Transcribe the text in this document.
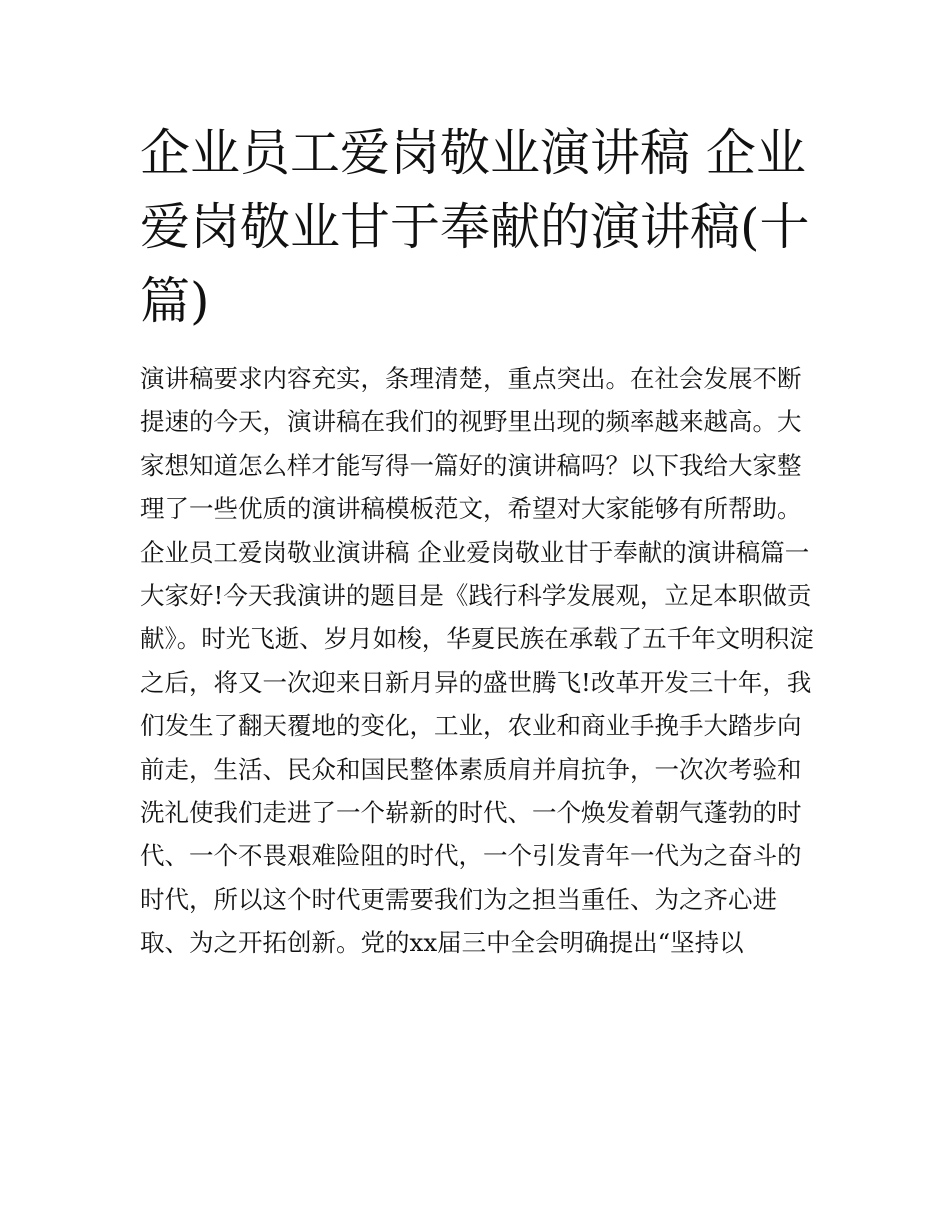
企业员工爱岗敬业演讲稿 企业爱岗敬业甘于奉献的演讲稿(十篇)

演讲稿要求内容充实，条理清楚，重点突出。在社会发展不断提速的今天，演讲稿在我们的视野里出现的频率越来越高。大家想知道怎么样才能写得一篇好的演讲稿吗？以下我给大家整理了一些优质的演讲稿模板范文，希望对大家能够有所帮助。

企业员工爱岗敬业演讲稿 企业爱岗敬业甘于奉献的演讲稿篇一

大家好!今天我演讲的题目是《践行科学发展观，立足本职做贡献》。时光飞逝、岁月如梭，华夏民族在承载了五千年文明积淀之后，将又一次迎来日新月异的盛世腾飞!改革开发三十年，我们发生了翻天覆地的变化，工业，农业和商业手挽手大踏步向前走，生活、民众和国民整体素质肩并肩抗争，一次次考验和洗礼使我们走进了一个崭新的时代、一个焕发着朝气蓬勃的时代、一个不畏艰难险阻的时代，一个引发青年一代为之奋斗的时代，所以这个时代更需要我们为之担当重任、为之齐心进取、为之开拓创新。党的xx届三中全会明确提出“坚持以
